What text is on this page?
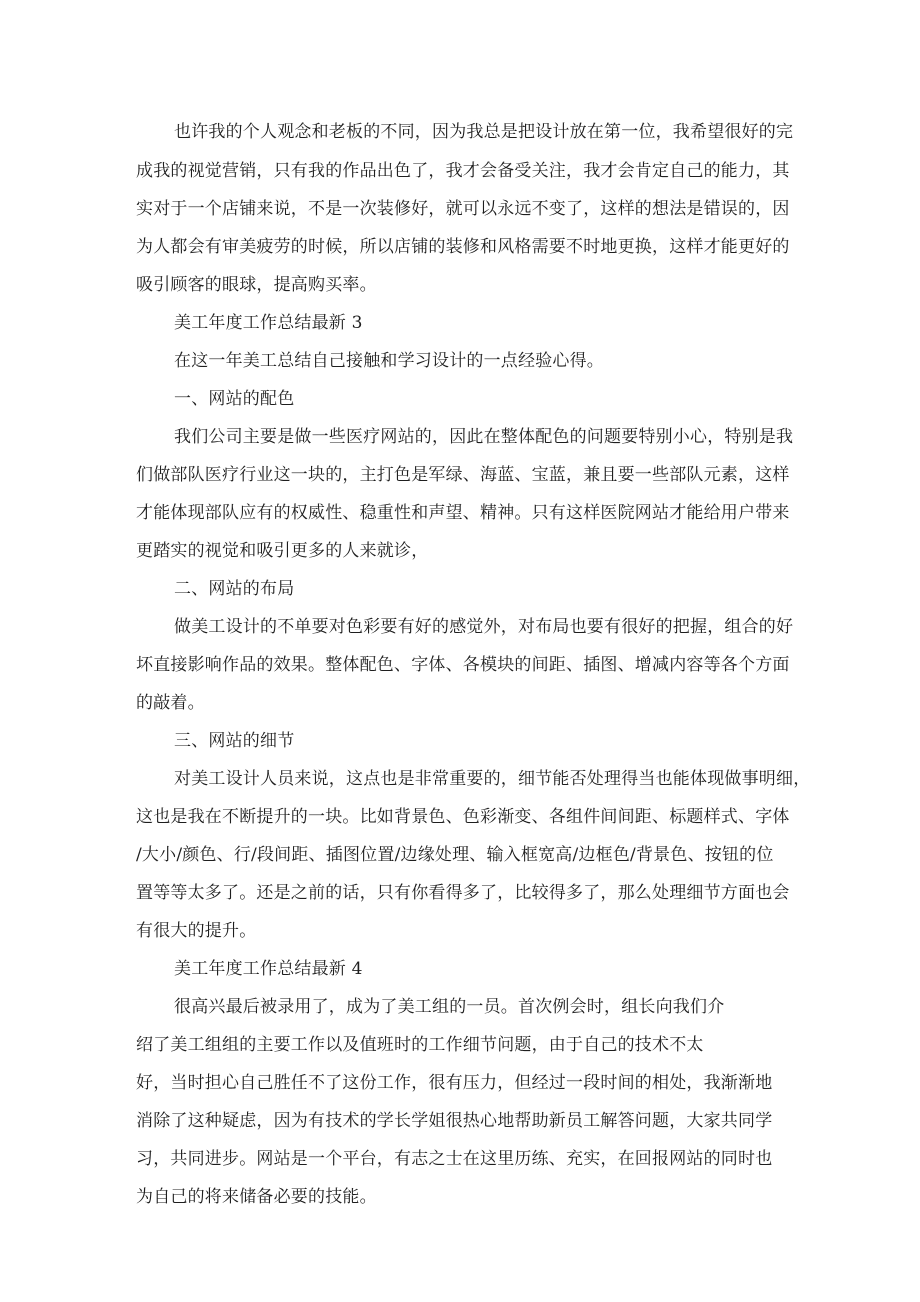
也许我的个人观念和老板的不同，因为我总是把设计放在第一位，我希望很好的完
成我的视觉营销，只有我的作品出色了，我才会备受关注，我才会肯定自己的能力，其
实对于一个店铺来说，不是一次装修好，就可以永远不变了，这样的想法是错误的，因
为人都会有审美疲劳的时候，所以店铺的装修和风格需要不时地更换，这样才能更好的
吸引顾客的眼球，提高购买率。
美工年度工作总结最新 3
在这一年美工总结自己接触和学习设计的一点经验心得。
一、网站的配色
我们公司主要是做一些医疗网站的，因此在整体配色的问题要特别小心，特别是我
们做部队医疗行业这一块的，主打色是军绿、海蓝、宝蓝，兼且要一些部队元素，这样
才能体现部队应有的权威性、稳重性和声望、精神。只有这样医院网站才能给用户带来
更踏实的视觉和吸引更多的人来就诊，
二、网站的布局
做美工设计的不单要对色彩要有好的感觉外，对布局也要有很好的把握，组合的好
坏直接影响作品的效果。整体配色、字体、各模块的间距、插图、增减内容等各个方面
的敲着。
三、网站的细节
对美工设计人员来说，这点也是非常重要的，细节能否处理得当也能体现做事明细，
这也是我在不断提升的一块。比如背景色、色彩渐变、各组件间间距、标题样式、字体
/大小/颜色、行/段间距、插图位置/边缘处理、输入框宽高/边框色/背景色、按钮的位
置等等太多了。还是之前的话，只有你看得多了，比较得多了，那么处理细节方面也会
有很大的提升。
美工年度工作总结最新 4
很高兴最后被录用了，成为了美工组的一员。首次例会时，组长向我们介
绍了美工组组的主要工作以及值班时的工作细节问题，由于自己的技术不太
好，当时担心自己胜任不了这份工作，很有压力，但经过一段时间的相处，我渐渐地
消除了这种疑虑，因为有技术的学长学姐很热心地帮助新员工解答问题，大家共同学
习，共同进步。网站是一个平台，有志之士在这里历练、充实，在回报网站的同时也
为自己的将来储备必要的技能。
